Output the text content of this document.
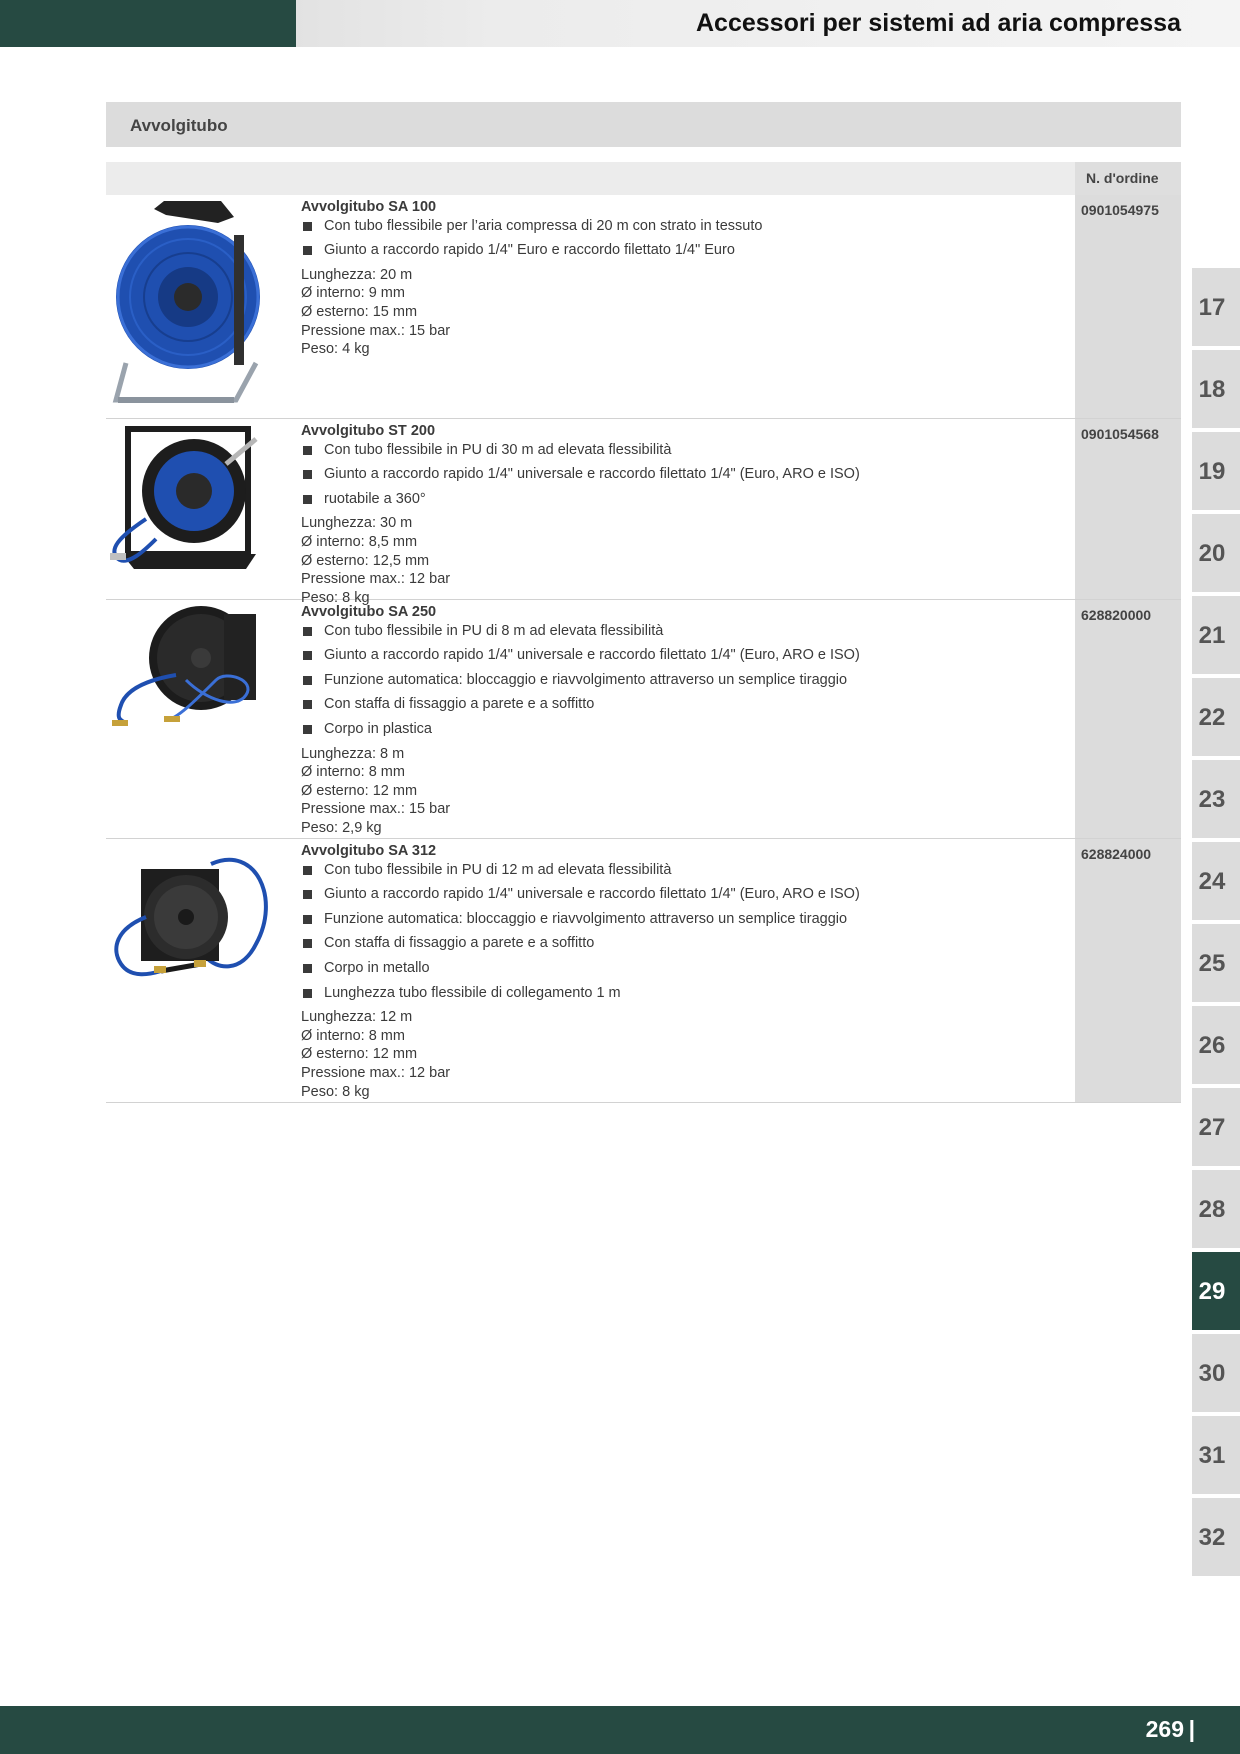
Accessori per sistemi ad aria compressa
Avvolgitubo
N. d'ordine
Avvolgitubo SA 100
Con tubo flessibile per l’aria compressa di 20 m con strato in tessuto
Giunto a raccordo rapido 1/4" Euro e raccordo filettato 1/4" Euro
Lunghezza: 20 m
Ø interno: 9 mm
Ø esterno: 15 mm
Pressione max.: 15 bar
Peso: 4 kg
0901054975
Avvolgitubo ST 200
Con tubo flessibile in PU di 30 m ad elevata flessibilità
Giunto a raccordo rapido 1/4" universale e raccordo filettato 1/4" (Euro, ARO e ISO)
ruotabile a 360°
Lunghezza: 30 m
Ø interno: 8,5 mm
Ø esterno: 12,5 mm
Pressione max.: 12 bar
Peso: 8 kg
0901054568
Avvolgitubo SA 250
Con tubo flessibile in PU di 8 m ad elevata flessibilità
Giunto a raccordo rapido 1/4" universale e raccordo filettato 1/4" (Euro, ARO e ISO)
Funzione automatica: bloccaggio e riavvolgimento attraverso un semplice tiraggio
Con staffa di fissaggio a parete e a soffitto
Corpo in plastica
Lunghezza: 8 m
Ø interno: 8 mm
Ø esterno: 12 mm
Pressione max.: 15 bar
Peso: 2,9 kg
628820000
Avvolgitubo SA 312
Con tubo flessibile in PU di 12 m ad elevata flessibilità
Giunto a raccordo rapido 1/4" universale e raccordo filettato 1/4" (Euro, ARO e ISO)
Funzione automatica: bloccaggio e riavvolgimento attraverso un semplice tiraggio
Con staffa di fissaggio a parete e a soffitto
Corpo in metallo
Lunghezza tubo flessibile di collegamento 1 m
Lunghezza: 12 m
Ø interno: 8 mm
Ø esterno: 12 mm
Pressione max.: 12 bar
Peso: 8 kg
628824000
17
18
19
20
21
22
23
24
25
26
27
28
29
30
31
32
269 |
